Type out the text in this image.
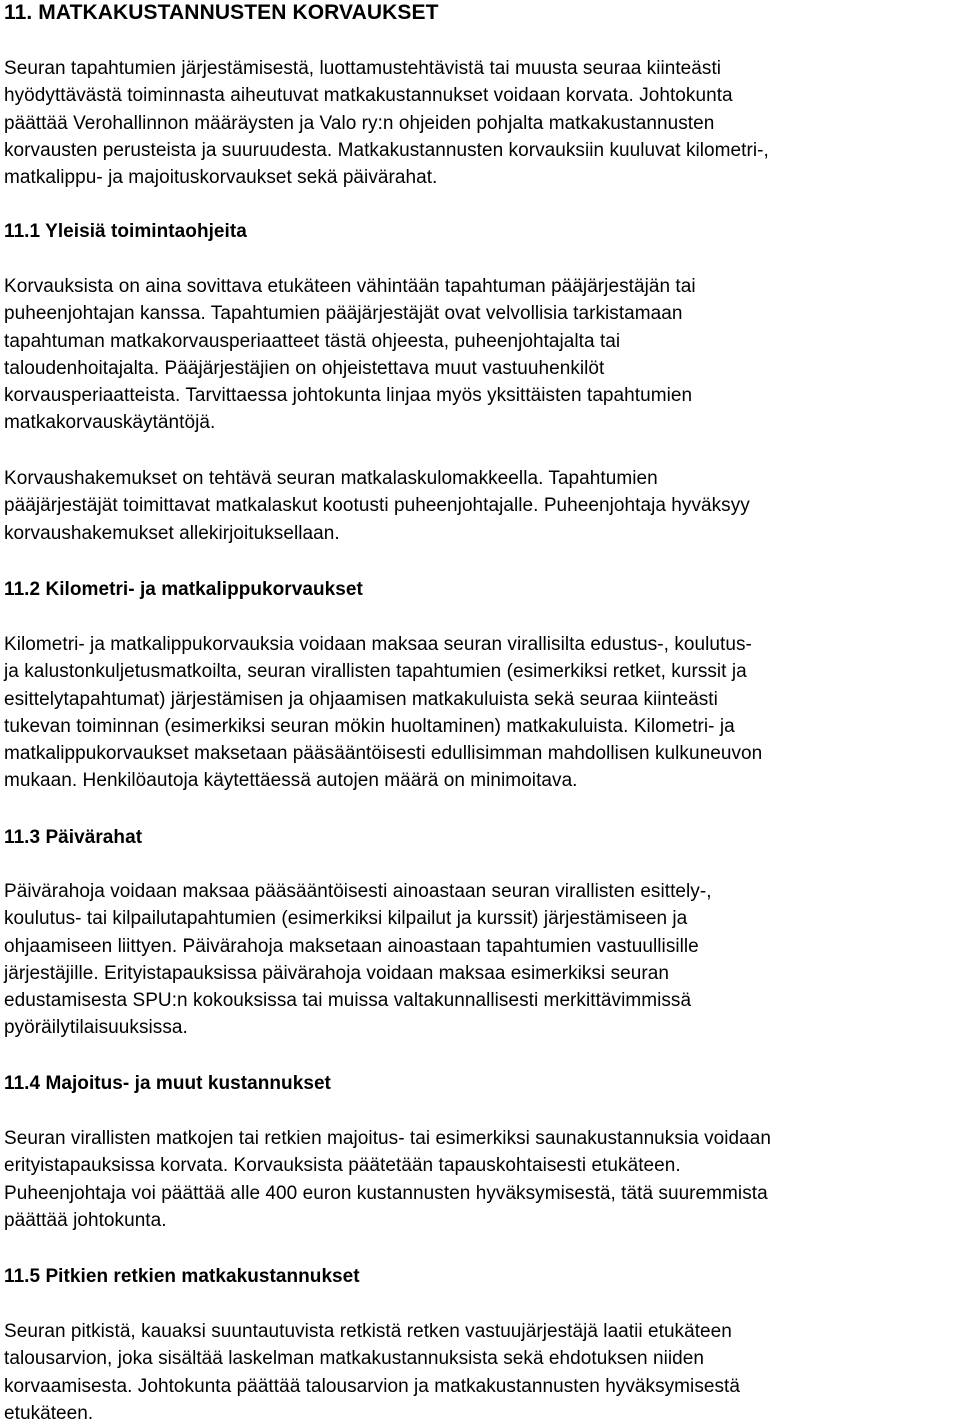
11. MATKAKUSTANNUSTEN KORVAUKSET

Seuran tapahtumien järjestämisestä, luottamustehtävistä tai muusta seuraa kiinteästi
hyödyttävästä toiminnasta aiheutuvat matkakustannukset voidaan korvata. Johtokunta
päättää Verohallinnon määräysten ja Valo ry:n ohjeiden pohjalta matkakustannusten
korvausten perusteista ja suuruudesta. Matkakustannusten korvauksiin kuuluvat kilometri-,
matkalippu- ja majoituskorvaukset sekä päivärahat.

11.1 Yleisiä toimintaohjeita

Korvauksista on aina sovittava etukäteen vähintään tapahtuman pääjärjestäjän tai
puheenjohtajan kanssa. Tapahtumien pääjärjestäjät ovat velvollisia tarkistamaan
tapahtuman matkakorvausperiaatteet tästä ohjeesta, puheenjohtajalta tai
taloudenhoitajalta. Pääjärjestäjien on ohjeistettava muut vastuuhenkilöt
korvausperiaatteista. Tarvittaessa johtokunta linjaa myös yksittäisten tapahtumien
matkakorvauskäytäntöjä.

Korvaushakemukset on tehtävä seuran matkalaskulomakkeella. Tapahtumien
pääjärjestäjät toimittavat matkalaskut kootusti puheenjohtajalle. Puheenjohtaja hyväksyy
korvaushakemukset allekirjoituksellaan.

11.2 Kilometri- ja matkalippukorvaukset

Kilometri- ja matkalippukorvauksia voidaan maksaa seuran virallisilta edustus-, koulutus-
ja kalustonkuljetusmatkoilta, seuran virallisten tapahtumien (esimerkiksi retket, kurssit ja
esittelytapahtumat) järjestämisen ja ohjaamisen matkakuluista sekä seuraa kiinteästi
tukevan toiminnan (esimerkiksi seuran mökin huoltaminen) matkakuluista. Kilometri- ja
matkalippukorvaukset maksetaan pääsääntöisesti edullisimman mahdollisen kulkuneuvon
mukaan. Henkilöautoja käytettäessä autojen määrä on minimoitava.

11.3 Päivärahat

Päivärahoja voidaan maksaa pääsääntöisesti ainoastaan seuran virallisten esittely-,
koulutus- tai kilpailutapahtumien (esimerkiksi kilpailut ja kurssit) järjestämiseen ja
ohjaamiseen liittyen. Päivärahoja maksetaan ainoastaan tapahtumien vastuullisille
järjestäjille. Erityistapauksissa päivärahoja voidaan maksaa esimerkiksi seuran
edustamisesta SPU:n kokouksissa tai muissa valtakunnallisesti merkittävimmissä
pyöräilytilaisuuksissa.

11.4 Majoitus- ja muut kustannukset

Seuran virallisten matkojen tai retkien majoitus- tai esimerkiksi saunakustannuksia voidaan
erityistapauksissa korvata. Korvauksista päätetään tapauskohtaisesti etukäteen.
Puheenjohtaja voi päättää alle 400 euron kustannusten hyväksymisestä, tätä suuremmista
päättää johtokunta.

11.5 Pitkien retkien matkakustannukset

Seuran pitkistä, kauaksi suuntautuvista retkistä retken vastuujärjestäjä laatii etukäteen
talousarvion, joka sisältää laskelman matkakustannuksista sekä ehdotuksen niiden
korvaamisesta. Johtokunta päättää talousarvion ja matkakustannusten hyväksymisestä
etukäteen.
